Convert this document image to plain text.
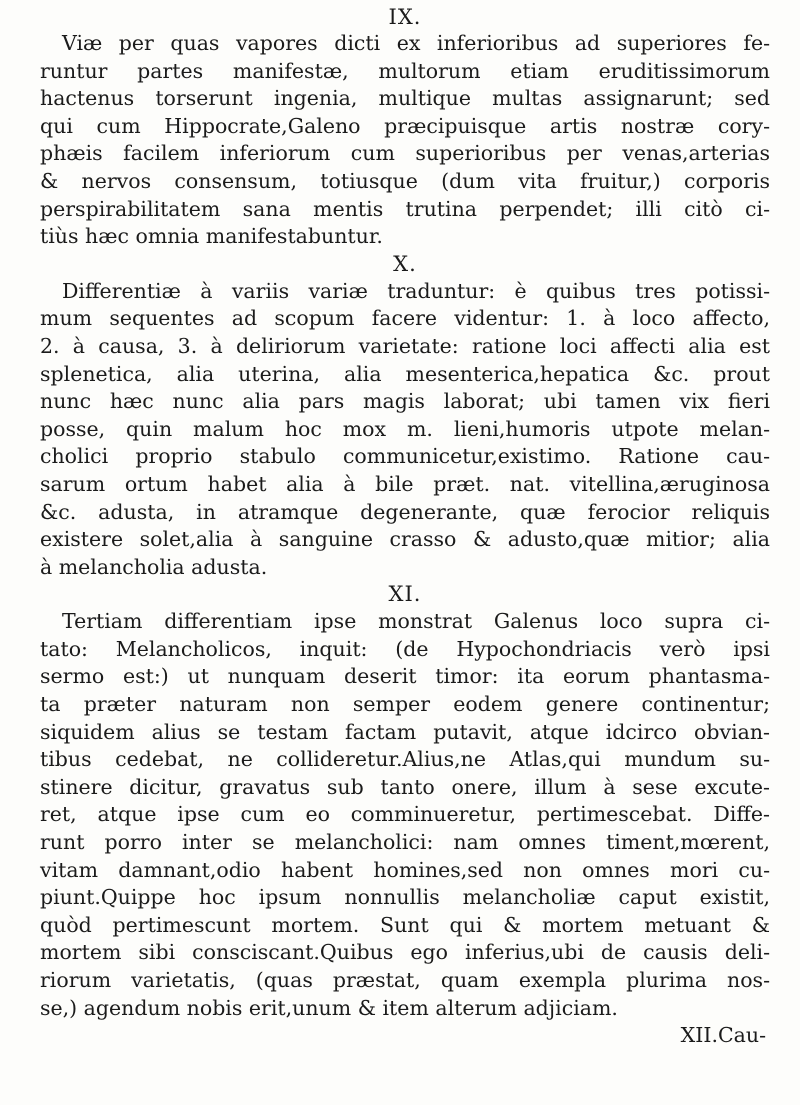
IX.
Viæ per quas vapores dicti ex inferioribus ad superiores fe-
runtur partes manifestæ, multorum etiam eruditissimorum
hactenus torserunt ingenia, multique multas assignarunt; sed
qui cum Hippocrate,Galeno præcipuisque artis nostræ cory-
phæis facilem inferiorum cum superioribus per venas,arterias
& nervos consensum, totiusque (dum vita fruitur,) corporis
perspirabilitatem sana mentis trutina perpendet; illi citò ci-
tiùs hæc omnia manifestabuntur.
X.
Differentiæ à variis variæ traduntur: è quibus tres potissi-
mum sequentes ad scopum facere videntur: 1. à loco affecto,
2. à causa, 3. à deliriorum varietate: ratione loci affecti alia est
splenetica, alia uterina, alia mesenterica,hepatica &c. prout
nunc hæc nunc alia pars magis laborat; ubi tamen vix fieri
posse, quin malum hoc mox m. lieni,humoris utpote melan-
cholici proprio stabulo communicetur,existimo. Ratione cau-
sarum ortum habet alia à bile præt. nat. vitellina,æruginosa
&c. adusta, in atramque degenerante, quæ ferocior reliquis
existere solet,alia à sanguine crasso & adusto,quæ mitior; alia
à melancholia adusta.
XI.
Tertiam differentiam ipse monstrat Galenus loco supra ci-
tato: Melancholicos, inquit: (de Hypochondriacis verò ipsi
sermo est:) ut nunquam deserit timor: ita eorum phantasma-
ta præter naturam non semper eodem genere continentur;
siquidem alius se testam factam putavit, atque idcirco obvian-
tibus cedebat, ne collideretur.Alius,ne Atlas,qui mundum su-
stinere dicitur, gravatus sub tanto onere, illum à sese excute-
ret, atque ipse cum eo comminueretur, pertimescebat. Diffe-
runt porro inter se melancholici: nam omnes timent,mœrent,
vitam damnant,odio habent homines,sed non omnes mori cu-
piunt.Quippe hoc ipsum nonnullis melancholiæ caput existit,
quòd pertimescunt mortem. Sunt qui & mortem metuant &
mortem sibi consciscant.Quibus ego inferius,ubi de causis deli-
riorum varietatis, (quas præstat, quam exempla plurima nos-
se,) agendum nobis erit,unum & item alterum adjiciam.
XII.Cau-
